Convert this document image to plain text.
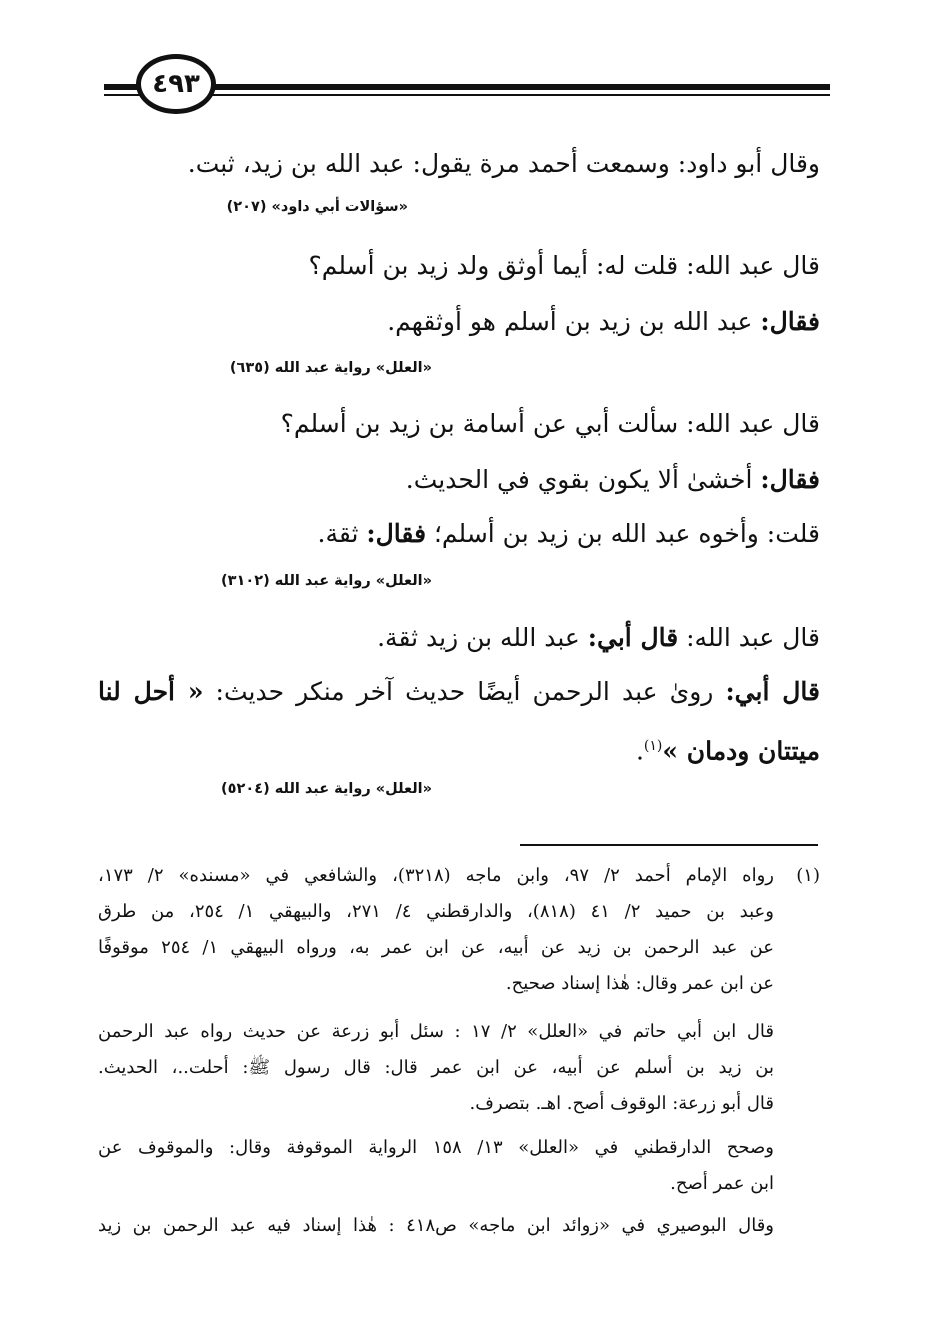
٤٩٣
وقال أبو داود: وسمعت أحمد مرة يقول: عبد الله بن زيد، ثبت.
«سؤالات أبي داود» (٢٠٧)
قال عبد الله: قلت له: أيما أوثق ولد زيد بن أسلم؟
فقال: عبد الله بن زيد بن أسلم هو أوثقهم.
«العلل» رواية عبد الله (٦٣٥)
قال عبد الله: سألت أبي عن أسامة بن زيد بن أسلم؟
فقال: أخشىٰ ألا يكون بقوي في الحديث.
قلت: وأخوه عبد الله بن زيد بن أسلم؛ فقال: ثقة.
«العلل» رواية عبد الله (٣١٠٢)
قال عبد الله: قال أبي: عبد الله بن زيد ثقة.
قال أبي: رویٰ عبد الرحمن أيضًا حديث آخر منكر حديث: « أحل لنا
ميتتان ودمان »$^{(١)}$.
«العلل» رواية عبد الله (٥٢٠٤)
(١)
رواه الإمام أحمد ٢/ ٩٧، وابن ماجه (٣٢١٨)، والشافعي في «مسنده» ٢/ ١٧٣،
وعبد بن حميد ٢/ ٤١ (٨١٨)، والدارقطني ٤/ ٢٧١، والبيهقي ١/ ٢٥٤، من طرق
عن عبد الرحمن بن زيد عن أبيه، عن ابن عمر به، ورواه البيهقي ١/ ٢٥٤ موقوفًا
عن ابن عمر وقال: هٰذا إسناد صحيح.
قال ابن أبي حاتم في «العلل» ٢/ ١٧ : سئل أبو زرعة عن حديث رواه عبد الرحمن
بن زيد بن أسلم عن أبيه، عن ابن عمر قال: قال رسول ﷺ: أحلت..، الحديث.
قال أبو زرعة: الوقوف أصح. اهـ. بتصرف.
وصحح الدارقطني في «العلل» ١٣/ ١٥٨ الرواية الموقوفة وقال: والموقوف عن
ابن عمر أصح.
وقال البوصيري في «زوائد ابن ماجه» ص٤١٨ : هٰذا إسناد فيه عبد الرحمن بن زيد
